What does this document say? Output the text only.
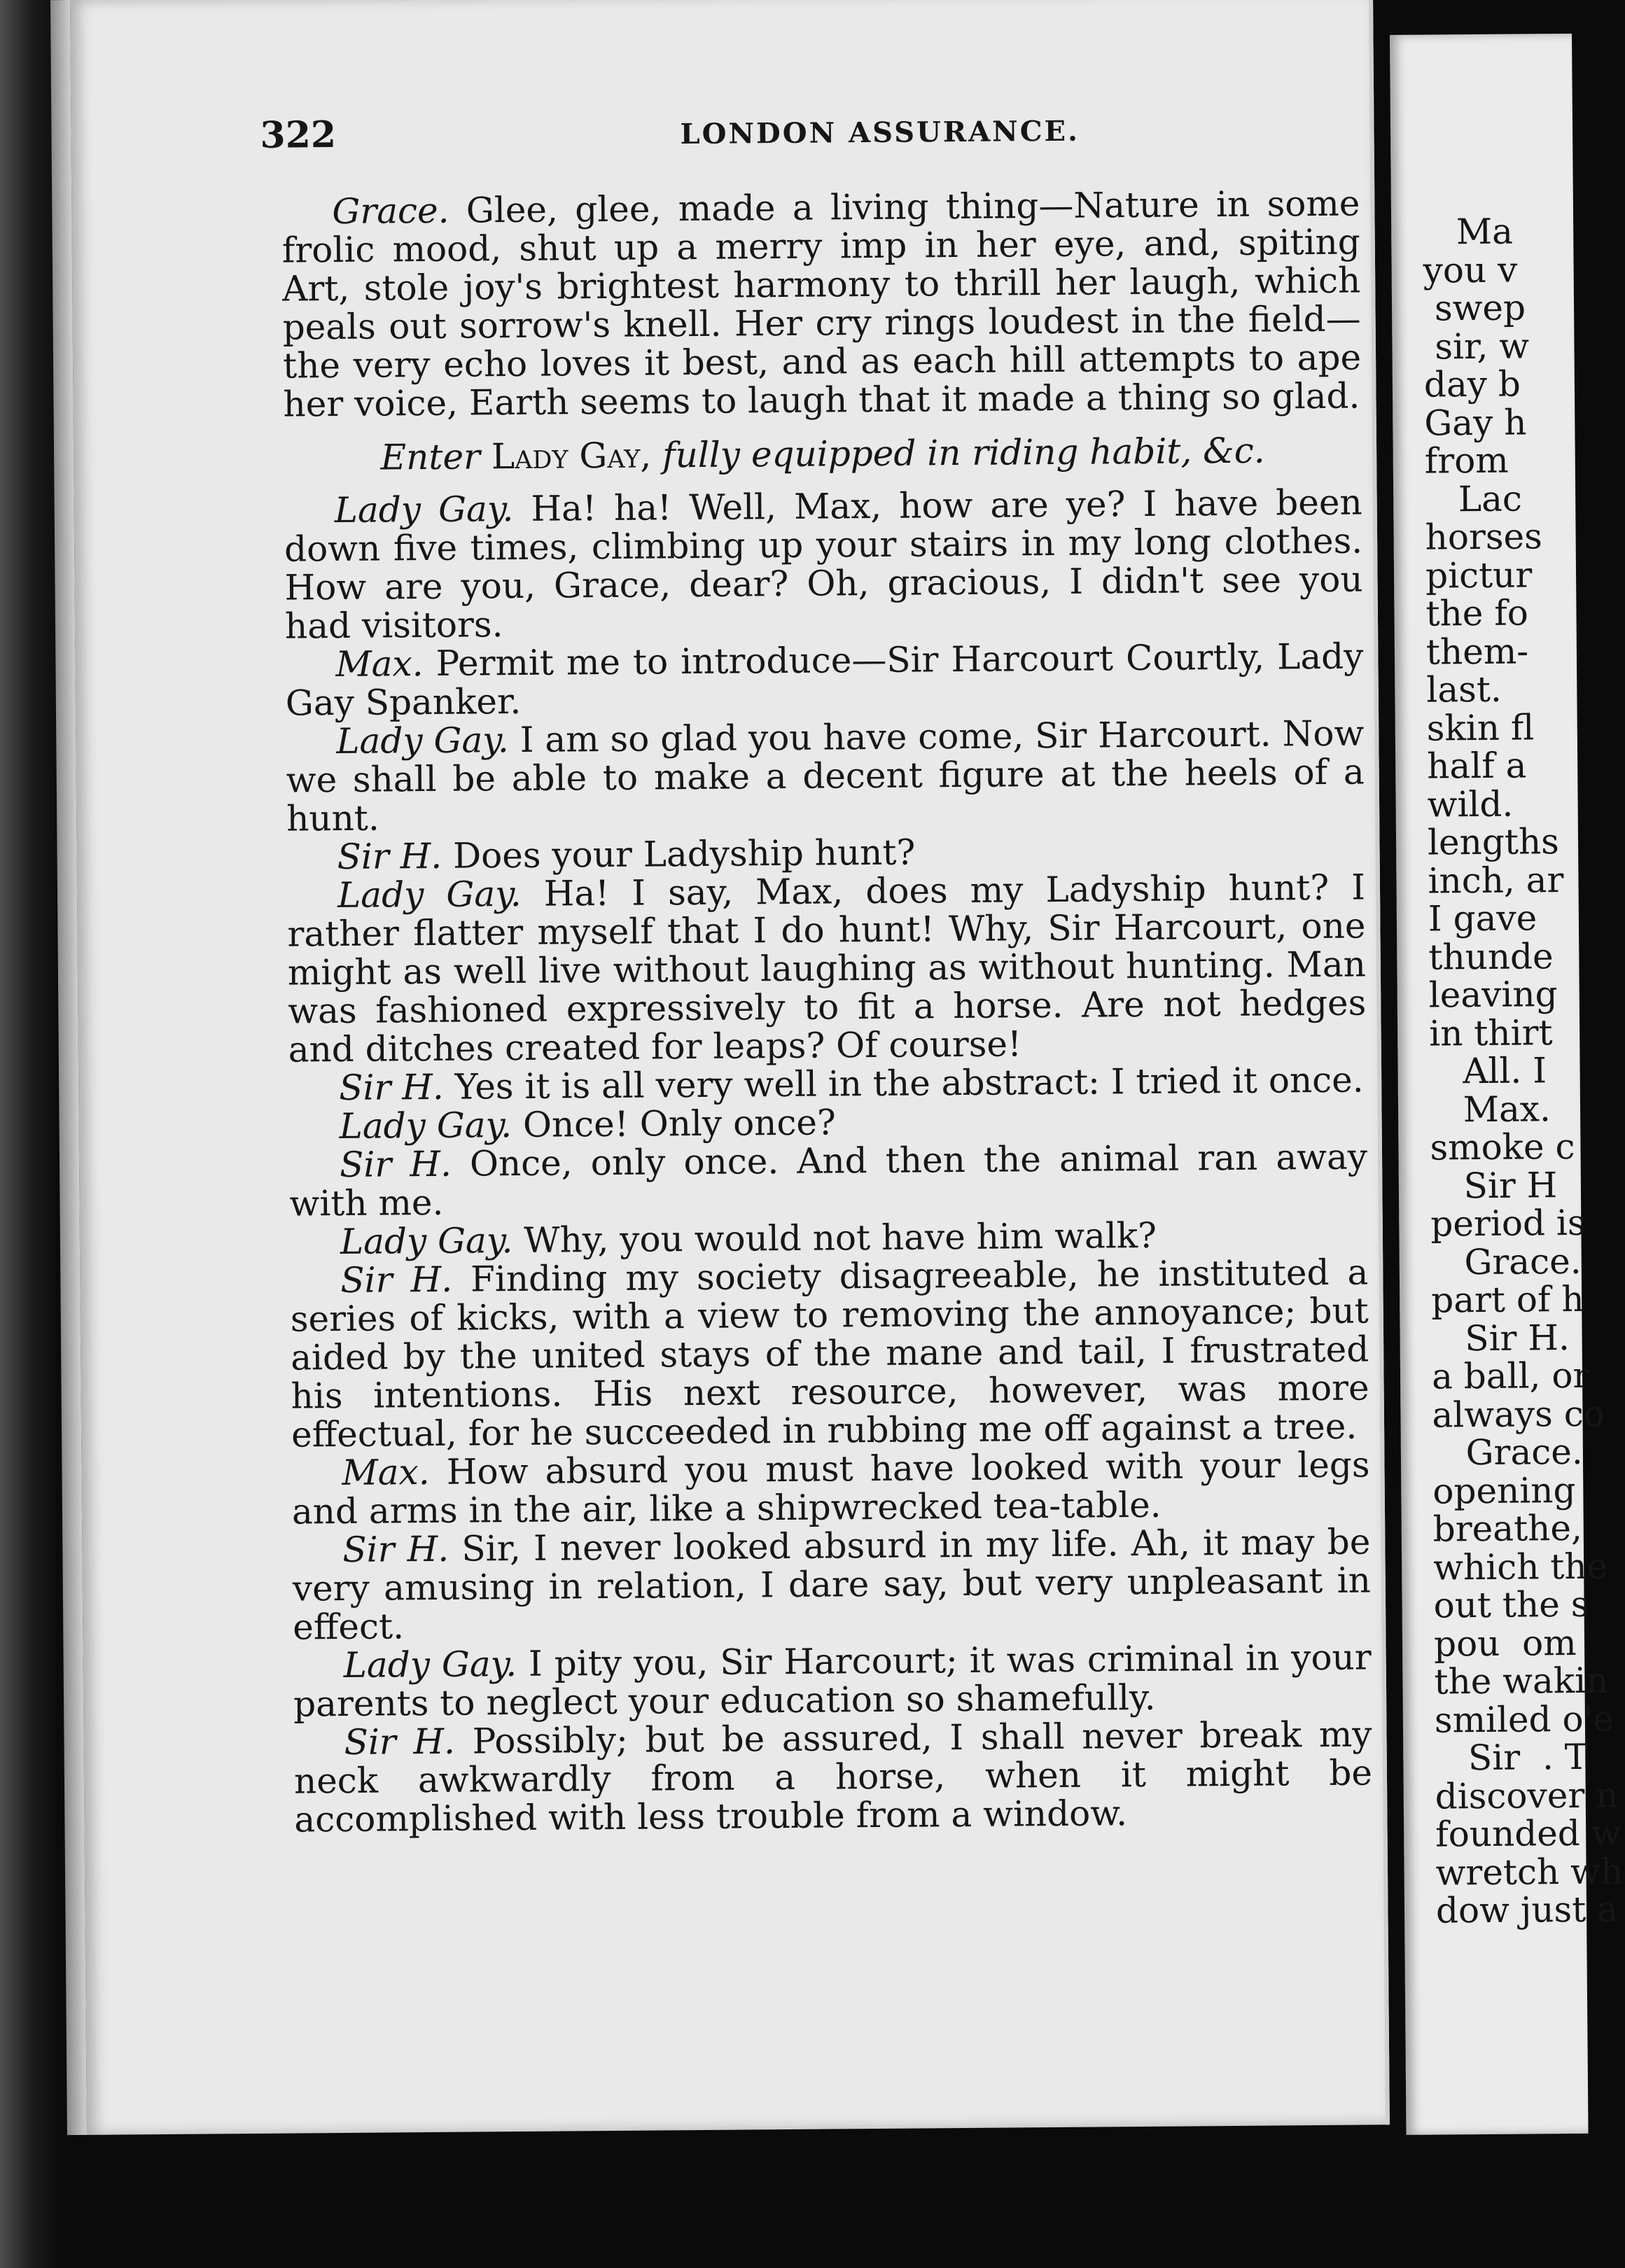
322	LONDON ASSURANCE.

Grace. Glee, glee, made a living thing—Nature in some frolic mood, shut up a merry imp in her eye, and, spiting Art, stole joy's brightest harmony to thrill her laugh, which peals out sorrow's knell. Her cry rings loudest in the field—the very echo loves it best, and as each hill attempts to ape her voice, Earth seems to laugh that it made a thing so glad.

Enter Lady Gay, fully equipped in riding habit, &c.

Lady Gay. Ha! ha! Well, Max, how are ye? I have been down five times, climbing up your stairs in my long clothes. How are you, Grace, dear? Oh, gracious, I didn't see you had visitors.

Max. Permit me to introduce—Sir Harcourt Courtly, Lady Gay Spanker.

Lady Gay. I am so glad you have come, Sir Harcourt. Now we shall be able to make a decent figure at the heels of a hunt.

Sir H. Does your Ladyship hunt?

Lady Gay. Ha! I say, Max, does my Ladyship hunt? I rather flatter myself that I do hunt! Why, Sir Harcourt, one might as well live without laughing as without hunting. Man was fashioned expressively to fit a horse. Are not hedges and ditches created for leaps? Of course!

Sir H. Yes it is all very well in the abstract: I tried it once.

Lady Gay. Once! Only once?

Sir H. Once, only once. And then the animal ran away with me.

Lady Gay. Why, you would not have him walk?

Sir H. Finding my society disagreeable, he instituted a series of kicks, with a view to removing the annoyance; but aided by the united stays of the mane and tail, I frustrated his intentions. His next resource, however, was more effectual, for he succeeded in rubbing me off against a tree.

Max. How absurd you must have looked with your legs and arms in the air, like a shipwrecked tea-table.

Sir H. Sir, I never looked absurd in my life. Ah, it may be very amusing in relation, I dare say, but very unpleasant in effect.

Lady Gay. I pity you, Sir Harcourt; it was criminal in your parents to neglect your education so shamefully.

Sir H. Possibly; but be assured, I shall never break my neck awkwardly from a horse, when it might be accomplished with less trouble from a window.

Ma
you v
swep
sir, w
day b
Gay h
from
Lac
horses
pictur
the fo
them-
last.
skin fl
half a
wild.
lengths
inch, ar
I gave
thunde
leaving
in thirt
All. I
Max.
smoke c
Sir H
period is
Grace.
part of h
Sir H.
a ball, or
always co
Grace.
opening
breathe,
which the
out the s
pou  om
the wakin
smiled o'e
Sir  . T
discover n
founded w
wretch wh
dow just a
